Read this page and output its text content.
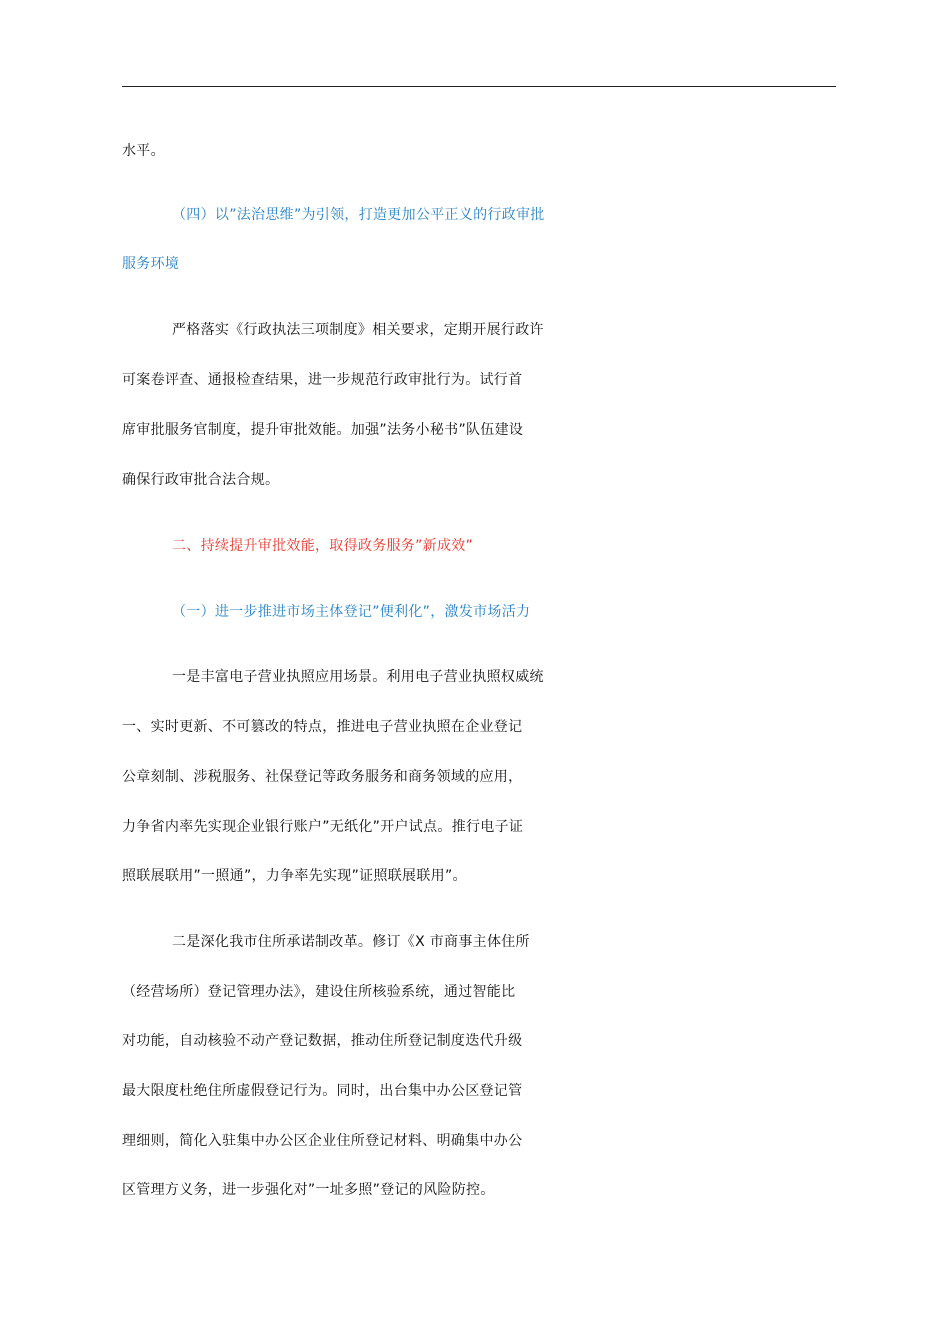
水平。

（四）以”法治思维”为引领，打造更加公平正义的行政审批

服务环境

严格落实《行政执法三项制度》相关要求，定期开展行政许

可案卷评查、通报检查结果，进一步规范行政审批行为。试行首

席审批服务官制度，提升审批效能。加强”法务小秘书”队伍建设

确保行政审批合法合规。

二、持续提升审批效能，取得政务服务”新成效”

（一）进一步推进市场主体登记”便利化”，激发市场活力

一是丰富电子营业执照应用场景。利用电子营业执照权威统

一、实时更新、不可篡改的特点，推进电子营业执照在企业登记

公章刻制、涉税服务、社保登记等政务服务和商务领域的应用，

力争省内率先实现企业银行账户”无纸化”开户试点。推行电子证

照联展联用”一照通”，力争率先实现”证照联展联用”。

二是深化我市住所承诺制改革。修订《X 市商事主体住所

（经营场所）登记管理办法》，建设住所核验系统，通过智能比

对功能，自动核验不动产登记数据，推动住所登记制度迭代升级

最大限度杜绝住所虚假登记行为。同时，出台集中办公区登记管

理细则，简化入驻集中办公区企业住所登记材料、明确集中办公

区管理方义务，进一步强化对”一址多照”登记的风险防控。
